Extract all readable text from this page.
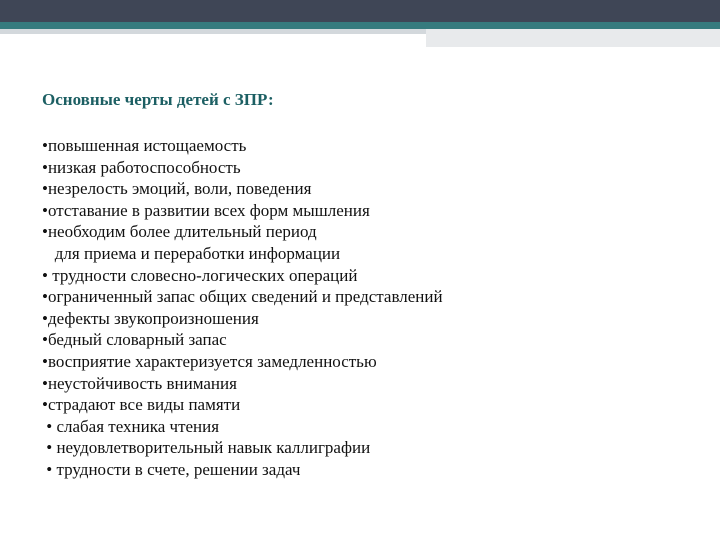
Основные черты детей с ЗПР:
•повышенная истощаемость
•низкая работоспособность
•незрелость эмоций, воли, поведения
•отставание в развитии всех форм мышления
•необходим более длительный период
для приема и переработки информации
• трудности словесно-логических операций
•ограниченный запас общих сведений и представлений
•дефекты звукопроизношения
•бедный словарный запас
•восприятие характеризуется замедленностью
•неустойчивость внимания
•страдают все виды памяти
• слабая техника чтения
• неудовлетворительный навык каллиграфии
• трудности в счете, решении задач
